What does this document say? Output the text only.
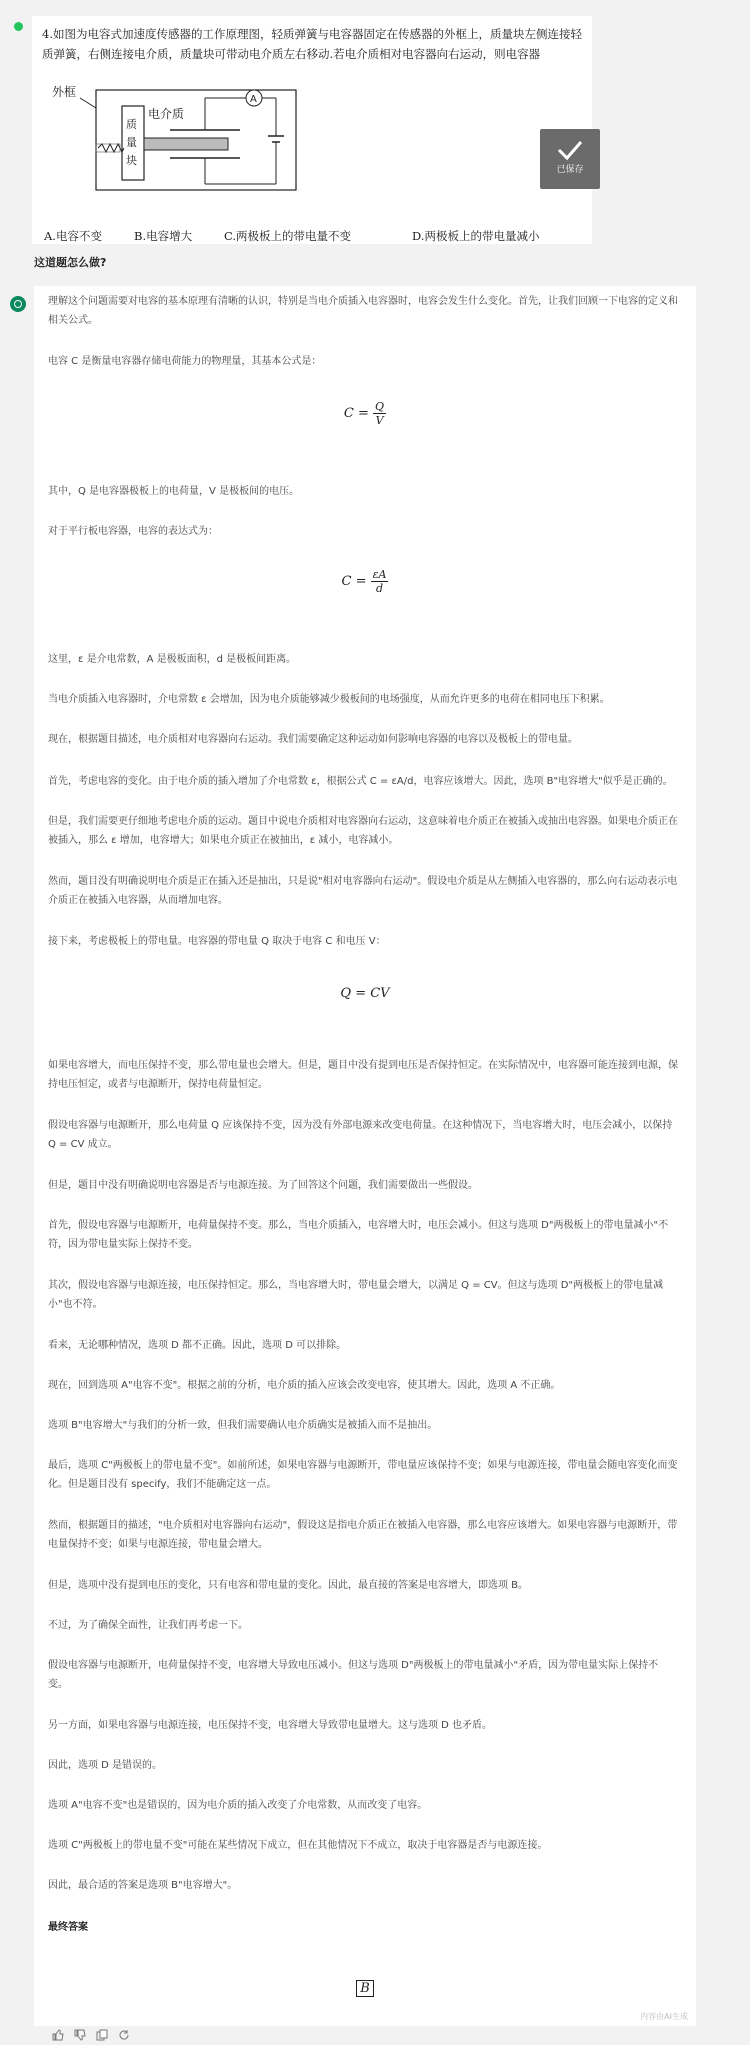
4.如图为电容式加速度传感器的工作原理图，轻质弹簧与电容器固定在传感器的外框上，质量块左侧连接轻质弹簧，右侧连接电介质，质量块可带动电介质左右移动.若电介质相对电容器向右运动，则电容器
外框
质
量
块
电介质
A
已保存
A.电容不变	B.电容增大	C.两极板上的带电量不变	D.两极板上的带电量减小
这道题怎么做?
理解这个问题需要对电容的基本原理有清晰的认识，特别是当电介质插入电容器时，电容会发生什么变化。首先，让我们回顾一下电容的定义和相关公式。
电容 C 是衡量电容器存储电荷能力的物理量，其基本公式是：
$C = \frac{Q}{V}$
其中，Q 是电容器极板上的电荷量，V 是极板间的电压。
对于平行板电容器，电容的表达式为：
$C = \frac{\varepsilon A}{d}$
这里，ε 是介电常数，A 是极板面积，d 是极板间距离。
当电介质插入电容器时，介电常数 ε 会增加，因为电介质能够减少极板间的电场强度，从而允许更多的电荷在相同电压下积累。
现在，根据题目描述，电介质相对电容器向右运动。我们需要确定这种运动如何影响电容器的电容以及极板上的带电量。
首先，考虑电容的变化。由于电介质的插入增加了介电常数 ε，根据公式 C = εA/d，电容应该增大。因此，选项 B"电容增大"似乎是正确的。
但是，我们需要更仔细地考虑电介质的运动。题目中说电介质相对电容器向右运动，这意味着电介质正在被插入或抽出电容器。如果电介质正在被插入，那么 ε 增加，电容增大；如果电介质正在被抽出，ε 减小，电容减小。
然而，题目没有明确说明电介质是正在插入还是抽出，只是说"相对电容器向右运动"。假设电介质是从左侧插入电容器的，那么向右运动表示电介质正在被插入电容器，从而增加电容。
接下来，考虑极板上的带电量。电容器的带电量 Q 取决于电容 C 和电压 V：
Q = CV
如果电容增大，而电压保持不变，那么带电量也会增大。但是，题目中没有提到电压是否保持恒定。在实际情况中，电容器可能连接到电源，保持电压恒定，或者与电源断开，保持电荷量恒定。
假设电容器与电源断开，那么电荷量 Q 应该保持不变，因为没有外部电源来改变电荷量。在这种情况下，当电容增大时，电压会减小，以保持 Q = CV 成立。
但是，题目中没有明确说明电容器是否与电源连接。为了回答这个问题，我们需要做出一些假设。
首先，假设电容器与电源断开，电荷量保持不变。那么，当电介质插入，电容增大时，电压会减小。但这与选项 D"两极板上的带电量减小"不符，因为带电量实际上保持不变。
其次，假设电容器与电源连接，电压保持恒定。那么，当电容增大时，带电量会增大，以满足 Q = CV。但这与选项 D"两极板上的带电量减小"也不符。
看来，无论哪种情况，选项 D 都不正确。因此，选项 D 可以排除。
现在，回到选项 A"电容不变"。根据之前的分析，电介质的插入应该会改变电容，使其增大。因此，选项 A 不正确。
选项 B"电容增大"与我们的分析一致，但我们需要确认电介质确实是被插入而不是抽出。
最后，选项 C"两极板上的带电量不变"。如前所述，如果电容器与电源断开，带电量应该保持不变；如果与电源连接，带电量会随电容变化而变化。但是题目没有 specify，我们不能确定这一点。
然而，根据题目的描述，"电介质相对电容器向右运动"，假设这是指电介质正在被插入电容器，那么电容应该增大。如果电容器与电源断开，带电量保持不变；如果与电源连接，带电量会增大。
但是，选项中没有提到电压的变化，只有电容和带电量的变化。因此，最直接的答案是电容增大，即选项 B。
不过，为了确保全面性，让我们再考虑一下。
假设电容器与电源断开，电荷量保持不变，电容增大导致电压减小。但这与选项 D"两极板上的带电量减小"矛盾，因为带电量实际上保持不变。
另一方面，如果电容器与电源连接，电压保持不变，电容增大导致带电量增大。这与选项 D 也矛盾。
因此，选项 D 是错误的。
选项 A"电容不变"也是错误的，因为电介质的插入改变了介电常数，从而改变了电容。
选项 C"两极板上的带电量不变"可能在某些情况下成立，但在其他情况下不成立，取决于电容器是否与电源连接。
因此，最合适的答案是选项 B"电容增大"。
最终答案
B
内容由AI生成
